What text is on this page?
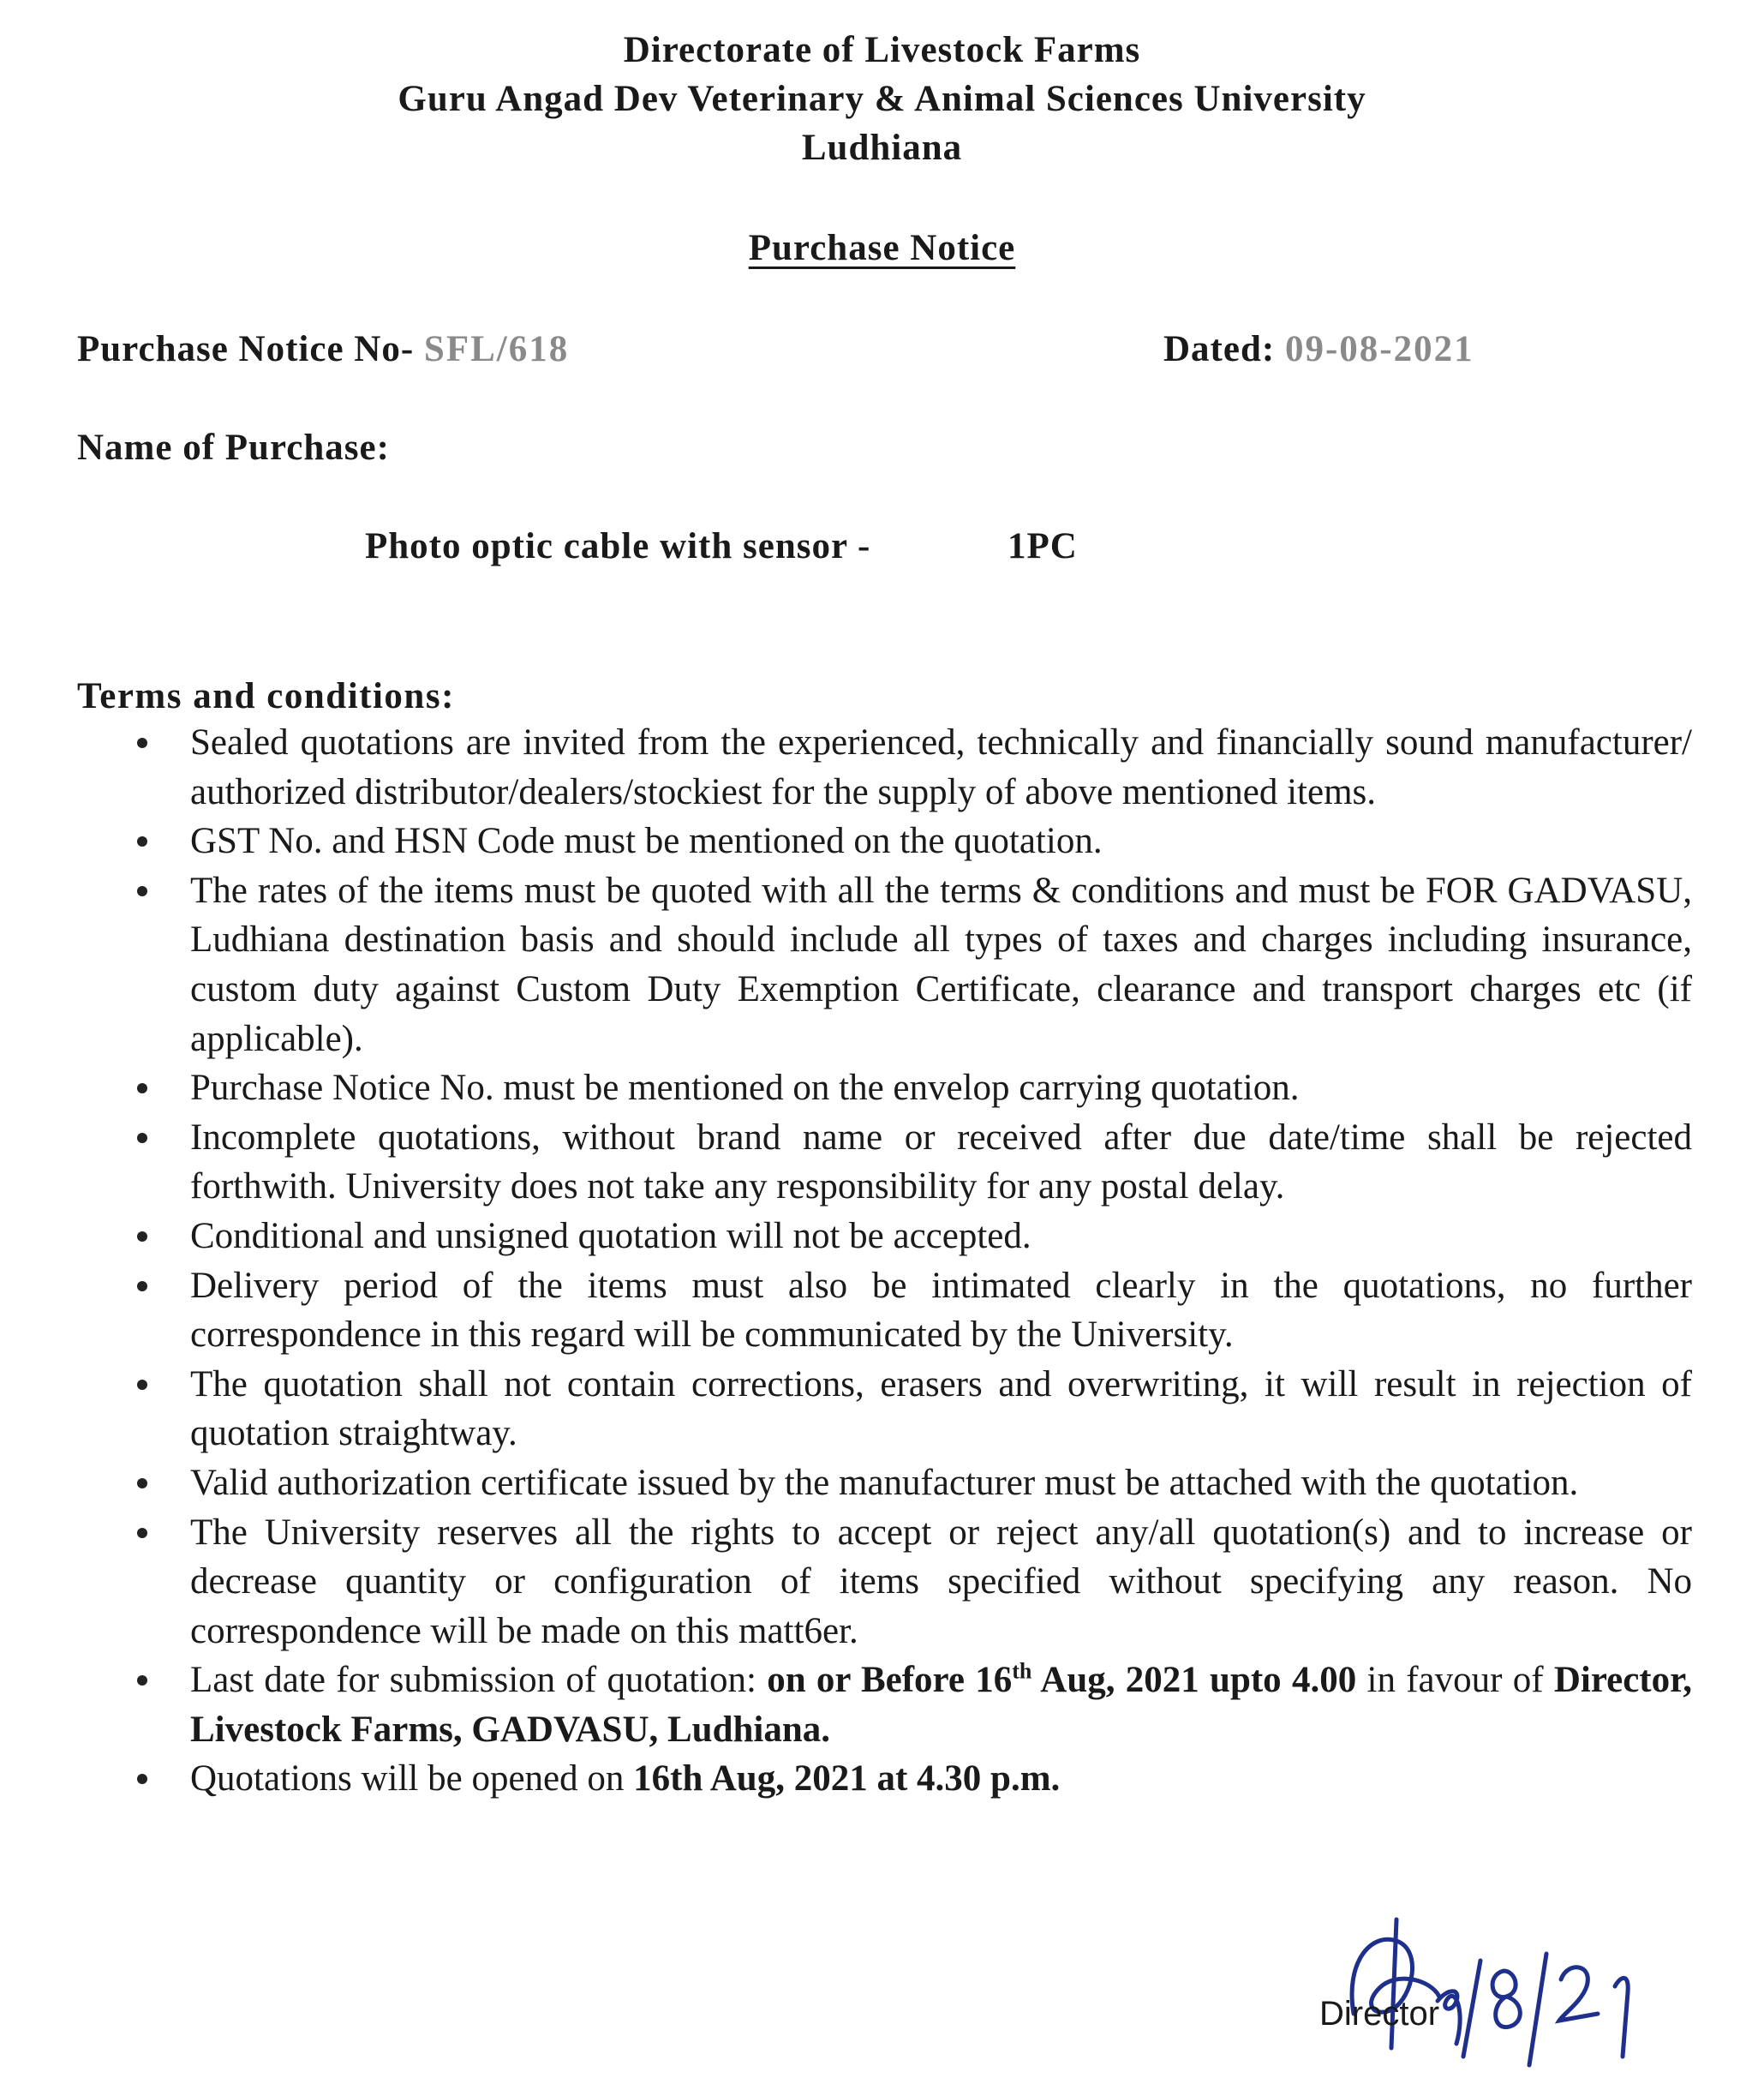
Directorate of Livestock Farms
Guru Angad Dev Veterinary & Animal Sciences University
Ludhiana
Purchase Notice
Purchase Notice No- SFL/618	Dated: 09-08-2021
Name of Purchase:
Photo optic cable with sensor -	1PC
Terms and conditions:
Sealed quotations are invited from the experienced, technically and financially sound manufacturer/ authorized distributor/dealers/stockiest for the supply of above mentioned items.
GST No. and HSN Code must be mentioned on the quotation.
The rates of the items must be quoted with all the terms & conditions and must be FOR GADVASU, Ludhiana destination basis and should include all types of taxes and charges including insurance, custom duty against Custom Duty Exemption Certificate, clearance and transport charges etc (if applicable).
Purchase Notice No. must be mentioned on the envelop carrying quotation.
Incomplete quotations, without brand name or received after due date/time shall be rejected forthwith. University does not take any responsibility for any postal delay.
Conditional and unsigned quotation will not be accepted.
Delivery period of the items must also be intimated clearly in the quotations, no further correspondence in this regard will be communicated by the University.
The quotation shall not contain corrections, erasers and overwriting, it will result in rejection of quotation straightway.
Valid authorization certificate issued by the manufacturer must be attached with the quotation.
The University reserves all the rights to accept or reject any/all quotation(s) and to increase or decrease quantity or configuration of items specified without specifying any reason. No correspondence will be made on this matt6er.
Last date for submission of quotation: on or Before 16th Aug, 2021 upto 4.00 in favour of Director, Livestock Farms, GADVASU, Ludhiana.
Quotations will be opened on 16th Aug, 2021 at 4.30 p.m.
Director
